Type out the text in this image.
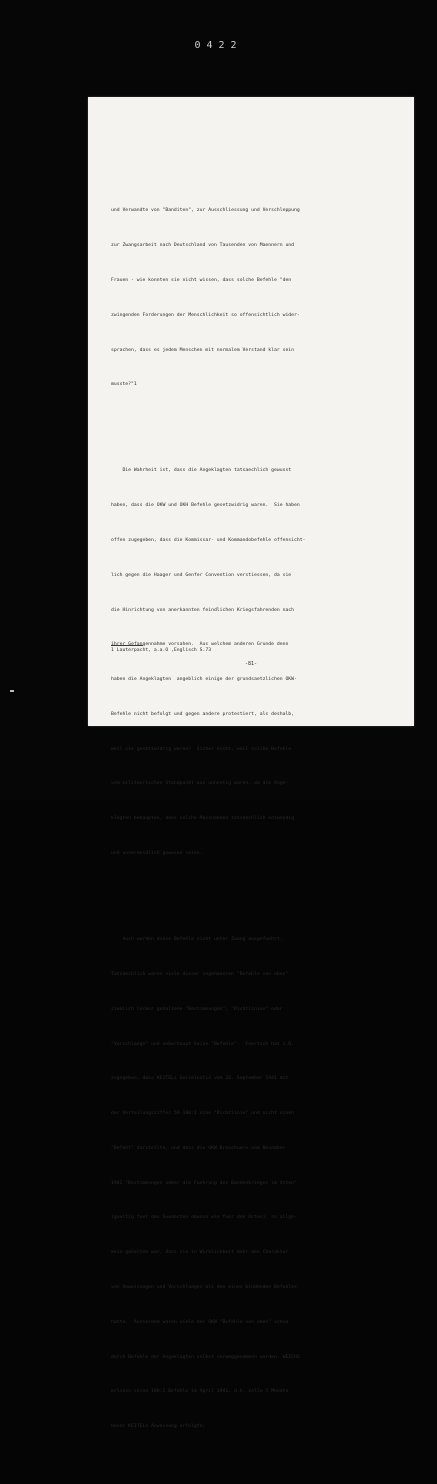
0422

und Verwandte von "Banditen", zur Ausschliessung und Verschleppung

zur Zwangsarbeit nach Deutschland von Tausenden von Maennern und

Frauen - wie konnten sie nicht wissen, dass solche Befehle "den

zwingenden Forderungen der Menschlichkeit so offensichtlich wider-

sprachen, dass es jedem Menschen mit normalem Verstand klar sein

musste?"1

Die Wahrheit ist, dass die Angeklagten tatsaechlich gewusst

haben, dass die OKW und OKH Befehle gesetzwidrig waren.  Sie haben

offen zugegeben, dass die Kommissar- und Kommandobefehle offensicht-

lich gegen die Haager und Genfer Convention verstiessen, da sie

die Hinrichtung von anerkannten feindlichen Kriegsfahrenden nach

ihrer Gefangennahme vorsahen.  Aus welchem anderen Grunde denn

haben die Angeklagten  angeblich einige der grundsaetzlichen OKW-

Befehle nicht befolgt und gegen andere protestiert, als deshalb,

weil sie gesetzwidrig waren?  Sicher nicht, weil solche Befehle

vom militaerischen Standpunkt aus unnoetig waren, da die Ange-

klagten behaupten, dass solche Massnahmen tatsaechlich notwendig

und unvermeidlich gewesen seien.

Auch wurden diese Befehle nicht unter Zwang ausgefuehrt.

Tatsaechlich waren viele dieser sogenannten "Befehle von oben"

ziemlich locker gehaltene "Bestimmungen", "Richtlinien" oder

"Vorschlaege" und ueberhaupt keine "Befehle".  Foertsch hat z.B.

zugegeben, dass KEITELs Geiselnotiz vom 16. September 1941 mit

der Verteilungsziffer 50-100:1 eine "Richtlinie" und nicht einen

"Befehl" darstellte, und dass die OKW Broschuere vom November

1942 "Bestimmungen ueber die Fuehrung des Bandenkrieges im Osten"

(gueltig fuer den Suedosten ebenso wie fuer den Osten), so allge-

mein gehalten war, dass sie in Wirklichkeit mehr den Charakter

von Anweisungen und Vorschlaegen als den eines bindenden Befehles

hatte.  Ausserdem waren viele der OKW "Befehle von oben" schon

durch Befehle der Angeklagten selbst vorweggenommen worden. WEICHS

erliess seine 100:1 Befehle im April 1941, d.h. volle 5 Monate

bevor KEITELs Anweisung erfolgte;

1 Lauterpacht, a.a.O ,Englisch S.73
-81-
